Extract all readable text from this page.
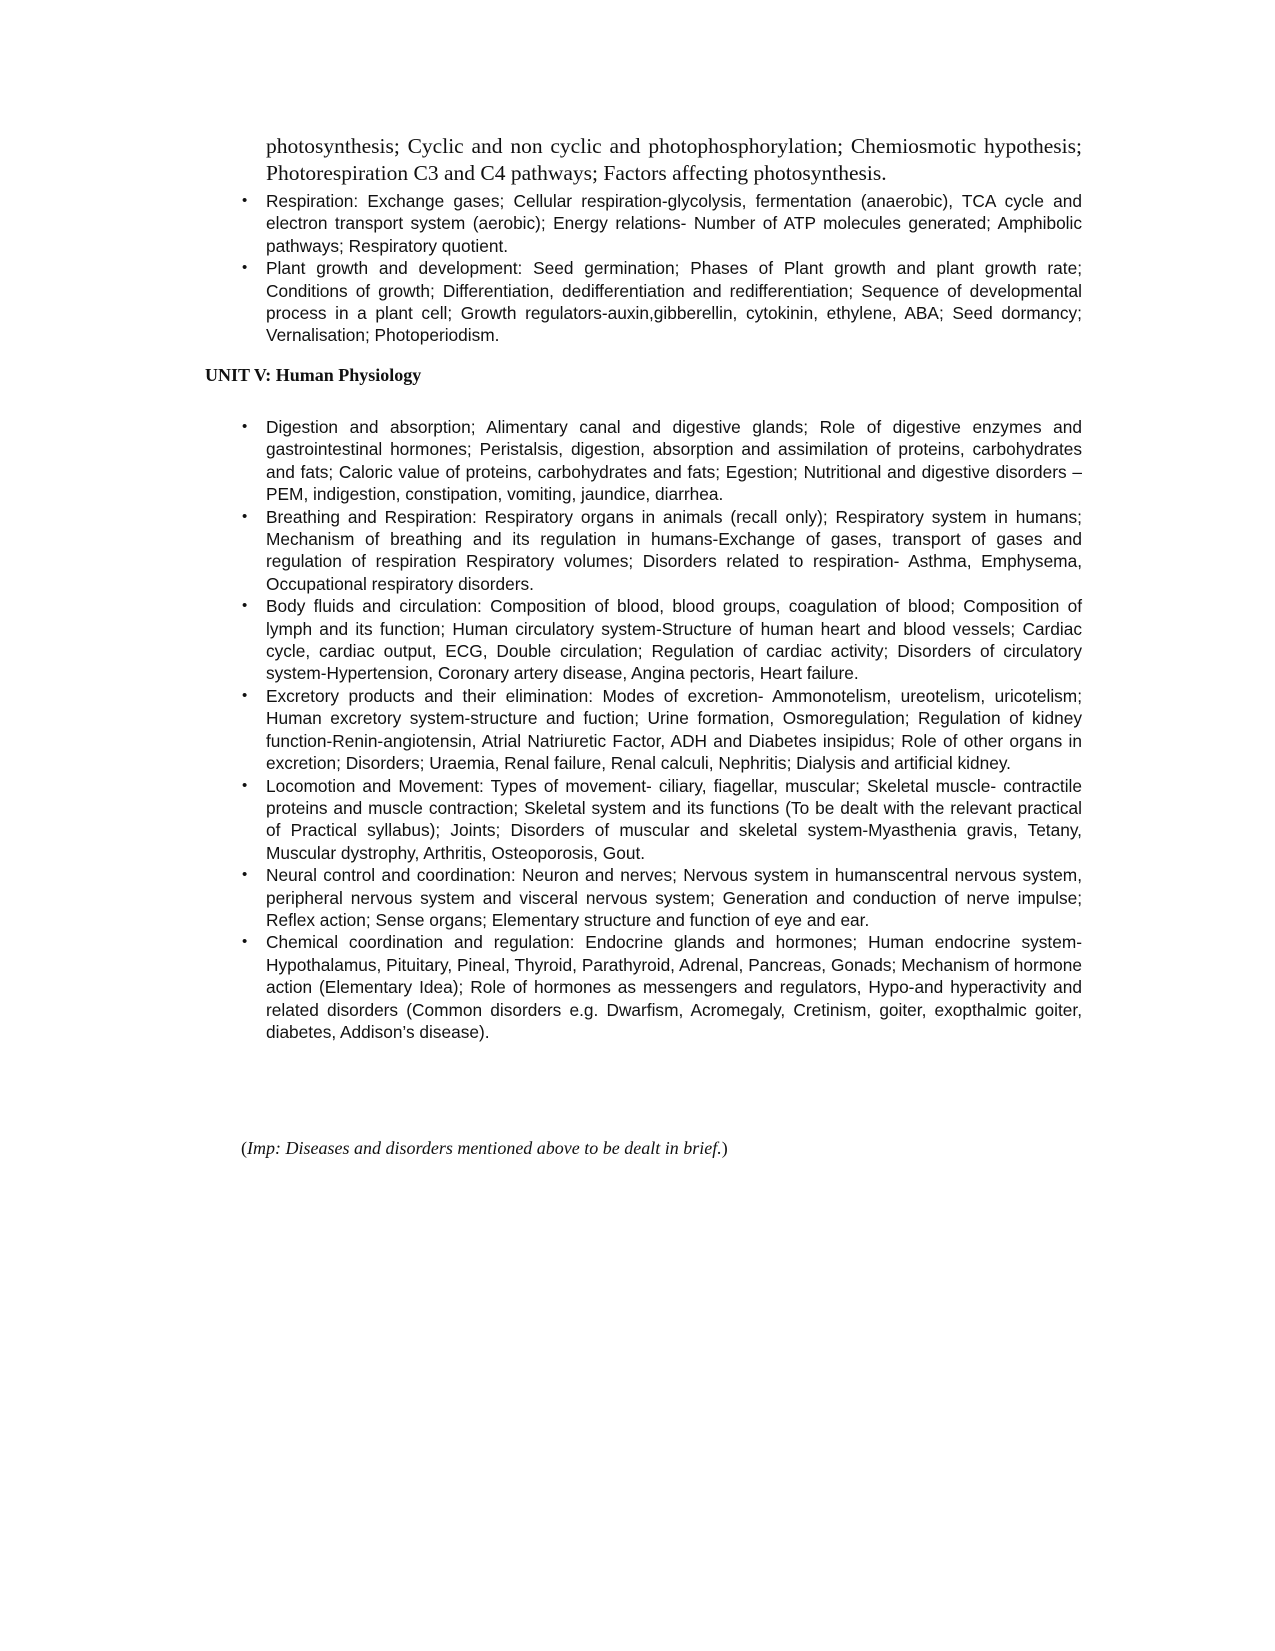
photosynthesis; Cyclic and non cyclic and photophosphorylation; Chemiosmotic hypothesis; Photorespiration C3 and C4 pathways; Factors affecting photosynthesis.

•	Respiration: Exchange gases; Cellular respiration-glycolysis, fermentation (anaerobic), TCA cycle and electron transport system (aerobic); Energy relations- Number of ATP molecules generated; Amphibolic pathways; Respiratory quotient.
•	Plant growth and development: Seed germination; Phases of Plant growth and plant growth rate; Conditions of growth; Differentiation, dedifferentiation and redifferentiation; Sequence of developmental process in a plant cell; Growth regulators-auxin,gibberellin, cytokinin, ethylene, ABA; Seed dormancy; Vernalisation; Photoperiodism.
UNIT V: Human Physiology
•	Digestion and absorption; Alimentary canal and digestive glands; Role of digestive enzymes and gastrointestinal hormones; Peristalsis, digestion, absorption and assimilation of proteins, carbohydrates and fats; Caloric value of proteins, carbohydrates and fats; Egestion; Nutritional and digestive disorders – PEM, indigestion, constipation, vomiting, jaundice, diarrhea.
•	Breathing and Respiration: Respiratory organs in animals (recall only); Respiratory system in humans; Mechanism of breathing and its regulation in humans-Exchange of gases, transport of gases and regulation of respiration Respiratory volumes; Disorders related to respiration- Asthma, Emphysema, Occupational respiratory disorders.
•	Body fluids and circulation: Composition of blood, blood groups, coagulation of blood; Composition of lymph and its function; Human circulatory system-Structure of human heart and blood vessels; Cardiac cycle, cardiac output, ECG, Double circulation; Regulation of cardiac activity; Disorders of circulatory system-Hypertension, Coronary artery disease, Angina pectoris, Heart failure.
•	Excretory products and their elimination: Modes of excretion- Ammonotelism, ureotelism, uricotelism; Human excretory system-structure and fuction; Urine formation, Osmoregulation; Regulation of kidney function-Renin-angiotensin, Atrial Natriuretic Factor, ADH and Diabetes insipidus; Role of other organs in excretion; Disorders; Uraemia, Renal failure, Renal calculi, Nephritis; Dialysis and artificial kidney.
•	Locomotion and Movement: Types of movement- ciliary, fiagellar, muscular; Skeletal muscle- contractile proteins and muscle contraction; Skeletal system and its functions (To be dealt with the relevant practical of Practical syllabus); Joints; Disorders of muscular and skeletal system-Myasthenia gravis, Tetany, Muscular dystrophy, Arthritis, Osteoporosis, Gout.
•	Neural control and coordination: Neuron and nerves; Nervous system in humanscentral nervous system, peripheral nervous system and visceral nervous system; Generation and conduction of nerve impulse; Reflex action; Sense organs; Elementary structure and function of eye and ear.
•	Chemical coordination and regulation: Endocrine glands and hormones; Human endocrine system- Hypothalamus, Pituitary, Pineal, Thyroid, Parathyroid, Adrenal, Pancreas, Gonads; Mechanism of hormone action (Elementary Idea); Role of hormones as messengers and regulators, Hypo-and hyperactivity and related disorders (Common disorders e.g. Dwarfism, Acromegaly, Cretinism, goiter, exopthalmic goiter, diabetes, Addison’s disease).

(Imp: Diseases and disorders mentioned above to be dealt in brief.)
